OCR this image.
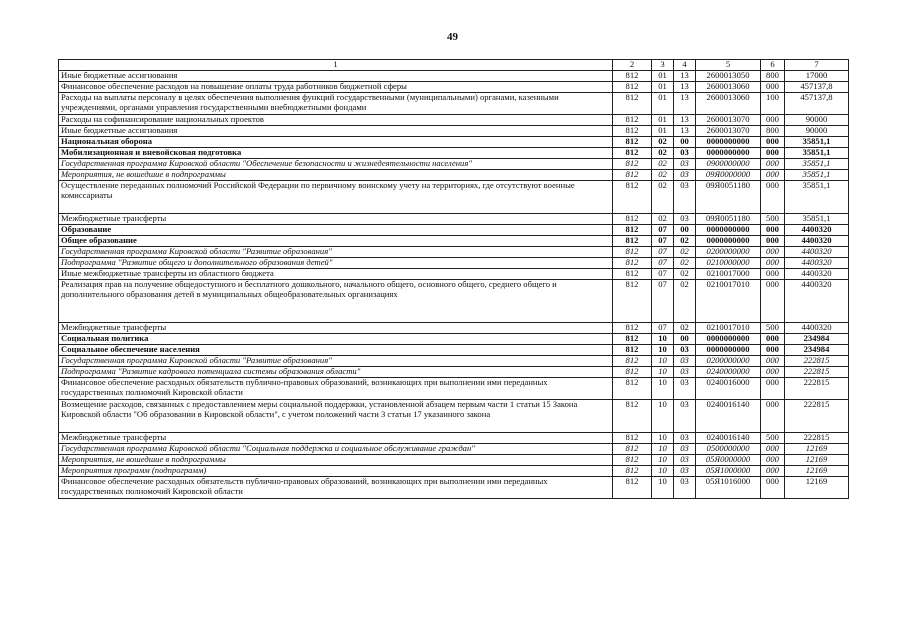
49
1	2	3	4	5	6	7
Иные бюджетные ассигнования	812	01	13	2600013050	800	17000
Финансовое обеспечение расходов на повышение оплаты труда работников бюджетной сферы	812	01	13	2600013060	000	457137,8
Расходы на выплаты персоналу в целях обеспечения выполнения функций государственными (муниципальными) органами, казенными учреждениями, органами управления государственными внебюджетными фондами	812	01	13	2600013060	100	457137,8
Расходы на софинансирование национальных проектов	812	01	13	2600013070	000	90000
Иные бюджетные ассигнования	812	01	13	2600013070	800	90000
Национальная оборона	812	02	00	0000000000	000	35851,1
Мобилизационная и вневойсковая подготовка	812	02	03	0000000000	000	35851,1
Государственная программа Кировской области "Обеспечение безопасности и жизнедеятельности населения"	812	02	03	0900000000	000	35851,1
Мероприятия, не вошедшие в подпрограммы	812	02	03	09Я0000000	000	35851,1
Осуществление переданных полномочий Российской Федерации по первичному воинскому учету на территориях, где отсутствуют военные комиссариаты	812	02	03	09Я0051180	000	35851,1
Межбюджетные трансферты	812	02	03	09Я0051180	500	35851,1
Образование	812	07	00	0000000000	000	4400320
Общее образование	812	07	02	0000000000	000	4400320
Государственная программа Кировской области "Развитие образования"	812	07	02	0200000000	000	4400320
Подпрограмма "Развитие общего и дополнительного образования детей"	812	07	02	0210000000	000	4400320
Иные межбюджетные трансферты из областного бюджета	812	07	02	0210017000	000	4400320
Реализация прав на получение общедоступного и бесплатного дошкольного, начального общего, основного общего, среднего общего и дополнительного образования детей в муниципальных общеобразовательных организациях	812	07	02	0210017010	000	4400320
Межбюджетные трансферты	812	07	02	0210017010	500	4400320
Социальная политика	812	10	00	0000000000	000	234984
Социальное обеспечение населения	812	10	03	0000000000	000	234984
Государственная программа Кировской области "Развитие образования"	812	10	03	0200000000	000	222815
Подпрограмма "Развитие кадрового потенциала системы образования области"	812	10	03	0240000000	000	222815
Финансовое обеспечение расходных обязательств публично-правовых образований, возникающих при выполнении ими переданных государственных полномочий Кировской области	812	10	03	0240016000	000	222815
Возмещение расходов, связанных с предоставлением меры социальной поддержки, установленной абзацем первым части 1 статьи 15 Закона Кировской области "Об образовании в Кировской области", с учетом положений части 3 статьи 17 указанного закона	812	10	03	0240016140	000	222815
Межбюджетные трансферты	812	10	03	0240016140	500	222815
Государственная программа Кировской области "Социальная поддержка и социальное обслуживание граждан"	812	10	03	0500000000	000	12169
Мероприятия, не вошедшие в подпрограммы	812	10	03	05Я0000000	000	12169
Мероприятия программ (подпрограмм)	812	10	03	05Я1000000	000	12169
Финансовое обеспечение расходных обязательств публично-правовых образований, возникающих при выполнении ими переданных государственных полномочий Кировской области	812	10	03	05Я1016000	000	12169
